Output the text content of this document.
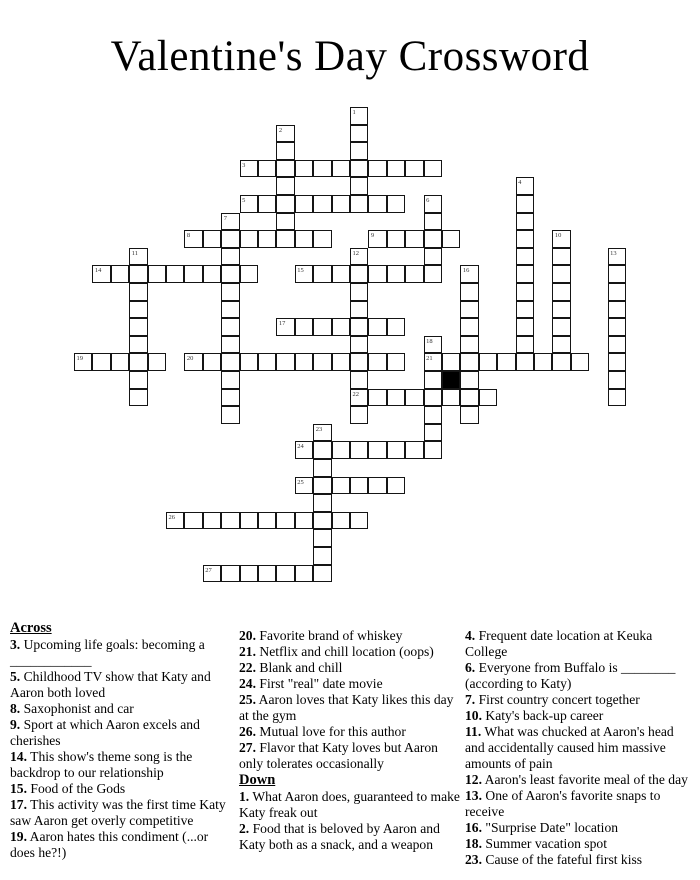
Valentine's Day Crossword
3
5
8	9
14	15
17
19	20	21
22
24
25
26
27
1
2
4
6
7
10
11	12	13
16
18
23
Across
3. Upcoming life goals: becoming a ____________
5. Childhood TV show that Katy and Aaron both loved
8. Saxophonist and car
9. Sport at which Aaron excels and cherishes
14. This show's theme song is the backdrop to our relationship
15. Food of the Gods
17. This activity was the first time Katy saw Aaron get overly competitive
19. Aaron hates this condiment (...or does he?!)
20. Favorite brand of whiskey
21. Netflix and chill location (oops)
22. Blank and chill
24. First "real" date movie
25. Aaron loves that Katy likes this day at the gym
26. Mutual love for this author
27. Flavor that Katy loves but Aaron only tolerates occasionally
Down
1. What Aaron does, guaranteed to make Katy freak out
2. Food that is beloved by Aaron and Katy both as a snack, and a weapon
4. Frequent date location at Keuka College
6. Everyone from Buffalo is ________ (according to Katy)
7. First country concert together
10. Katy's back-up career
11. What was chucked at Aaron's head and accidentally caused him massive amounts of pain
12. Aaron's least favorite meal of the day
13. One of Aaron's favorite snaps to receive
16. "Surprise Date" location
18. Summer vacation spot
23. Cause of the fateful first kiss
